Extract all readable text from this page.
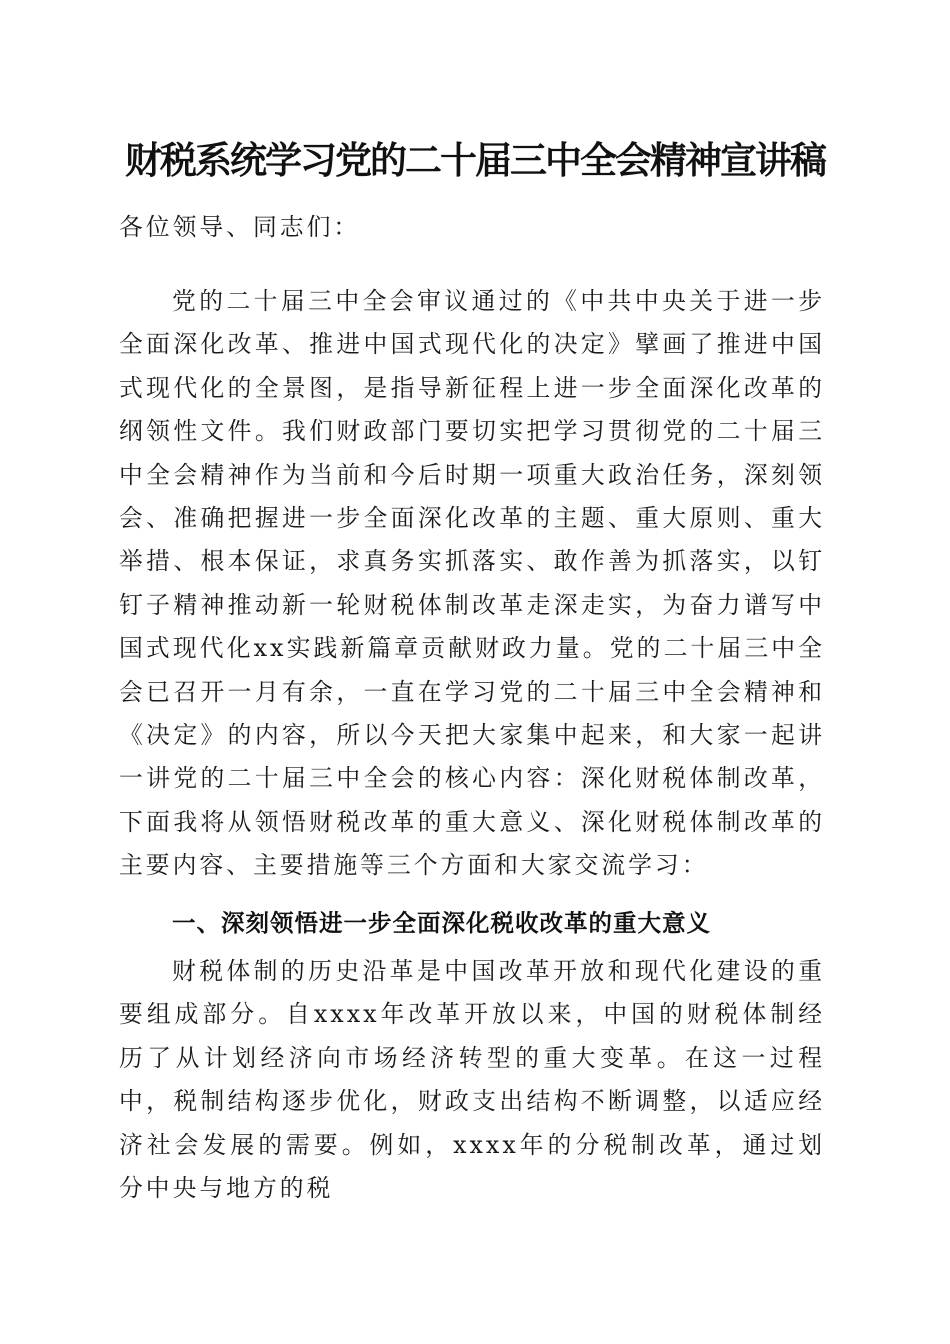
财税系统学习党的二十届三中全会精神宣讲稿
各位领导、同志们：
党的二十届三中全会审议通过的《中共中央关于进一步全面深化改革、推进中国式现代化的决定》擘画了推进中国式现代化的全景图，是指导新征程上进一步全面深化改革的纲领性文件。我们财政部门要切实把学习贯彻党的二十届三中全会精神作为当前和今后时期一项重大政治任务，深刻领会、准确把握进一步全面深化改革的主题、重大原则、重大举措、根本保证，求真务实抓落实、敢作善为抓落实，以钉钉子精神推动新一轮财税体制改革走深走实，为奋力谱写中国式现代化xx实践新篇章贡献财政力量。党的二十届三中全会已召开一月有余，一直在学习党的二十届三中全会精神和《决定》的内容，所以今天把大家集中起来，和大家一起讲一讲党的二十届三中全会的核心内容：深化财税体制改革，下面我将从领悟财税改革的重大意义、深化财税体制改革的主要内容、主要措施等三个方面和大家交流学习：
一、深刻领悟进一步全面深化税收改革的重大意义
财税体制的历史沿革是中国改革开放和现代化建设的重要组成部分。自xxxx年改革开放以来，中国的财税体制经历了从计划经济向市场经济转型的重大变革。在这一过程中，税制结构逐步优化，财政支出结构不断调整，以适应经济社会发展的需要。例如，xxxx年的分税制改革，通过划分中央与地方的税
